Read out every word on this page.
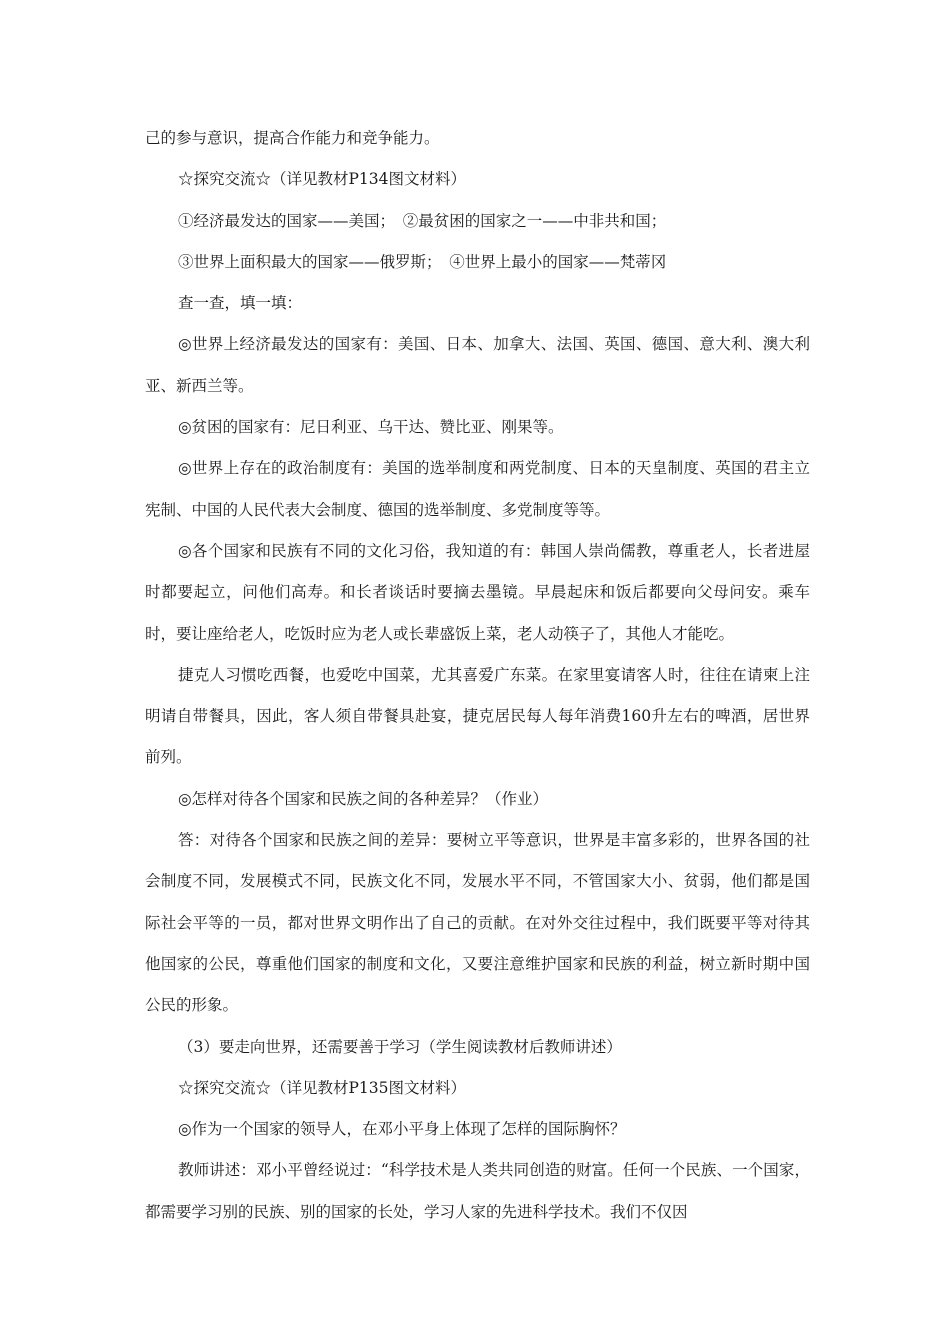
己的参与意识，提高合作能力和竞争能力。

☆探究交流☆（详见教材P134图文材料）

①经济最发达的国家——美国；　②最贫困的国家之一——中非共和国；

③世界上面积最大的国家——俄罗斯；　④世界上最小的国家——梵蒂冈

查一查，填一填：

◎世界上经济最发达的国家有：美国、日本、加拿大、法国、英国、德国、意大利、澳大利亚、新西兰等。

◎贫困的国家有：尼日利亚、乌干达、赞比亚、刚果等。

◎世界上存在的政治制度有：美国的选举制度和两党制度、日本的天皇制度、英国的君主立宪制、中国的人民代表大会制度、德国的选举制度、多党制度等等。

◎各个国家和民族有不同的文化习俗，我知道的有：韩国人崇尚儒教，尊重老人，长者进屋时都要起立，问他们高寿。和长者谈话时要摘去墨镜。早晨起床和饭后都要向父母问安。乘车时，要让座给老人，吃饭时应为老人或长辈盛饭上菜，老人动筷子了，其他人才能吃。

捷克人习惯吃西餐，也爱吃中国菜，尤其喜爱广东菜。在家里宴请客人时，往往在请柬上注明请自带餐具，因此，客人须自带餐具赴宴，捷克居民每人每年消费160升左右的啤酒，居世界前列。

◎怎样对待各个国家和民族之间的各种差异？（作业）

答：对待各个国家和民族之间的差异：要树立平等意识，世界是丰富多彩的，世界各国的社会制度不同，发展模式不同，民族文化不同，发展水平不同，不管国家大小、贫弱，他们都是国际社会平等的一员，都对世界文明作出了自己的贡献。在对外交往过程中，我们既要平等对待其他国家的公民，尊重他们国家的制度和文化，又要注意维护国家和民族的利益，树立新时期中国公民的形象。

（3）要走向世界，还需要善于学习（学生阅读教材后教师讲述）

☆探究交流☆（详见教材P135图文材料）

◎作为一个国家的领导人，在邓小平身上体现了怎样的国际胸怀？

教师讲述：邓小平曾经说过：“科学技术是人类共同创造的财富。任何一个民族、一个国家，都需要学习别的民族、别的国家的长处，学习人家的先进科学技术。我们不仅因
